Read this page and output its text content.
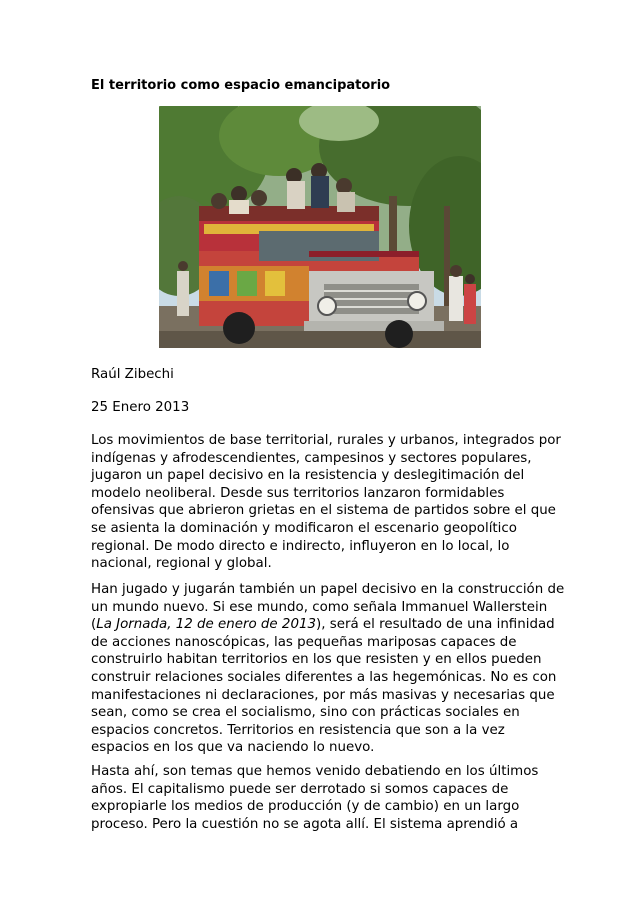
El territorio como espacio emancipatorio

Raúl Zibechi

25 Enero 2013

Los movimientos de base territorial, rurales y urbanos, integrados por
indígenas y afrodescendientes, campesinos y sectores populares,
jugaron un papel decisivo en la resistencia y deslegitimación del
modelo neoliberal. Desde sus territorios lanzaron formidables
ofensivas que abrieron grietas en el sistema de partidos sobre el que
se asienta la dominación y modificaron el escenario geopolítico
regional. De modo directo e indirecto, influyeron en lo local, lo
nacional, regional y global.

Han jugado y jugarán también un papel decisivo en la construcción de
un mundo nuevo. Si ese mundo, como señala Immanuel Wallerstein
(La Jornada, 12 de enero de 2013), será el resultado de una infinidad
de acciones nanoscópicas, las pequeñas mariposas capaces de
construirlo habitan territorios en los que resisten y en ellos pueden
construir relaciones sociales diferentes a las hegemónicas. No es con
manifestaciones ni declaraciones, por más masivas y necesarias que
sean, como se crea el socialismo, sino con prácticas sociales en
espacios concretos. Territorios en resistencia que son a la vez
espacios en los que va naciendo lo nuevo.

Hasta ahí, son temas que hemos venido debatiendo en los últimos
años. El capitalismo puede ser derrotado si somos capaces de
expropiarle los medios de producción (y de cambio) en un largo
proceso. Pero la cuestión no se agota allí. El sistema aprendió a
